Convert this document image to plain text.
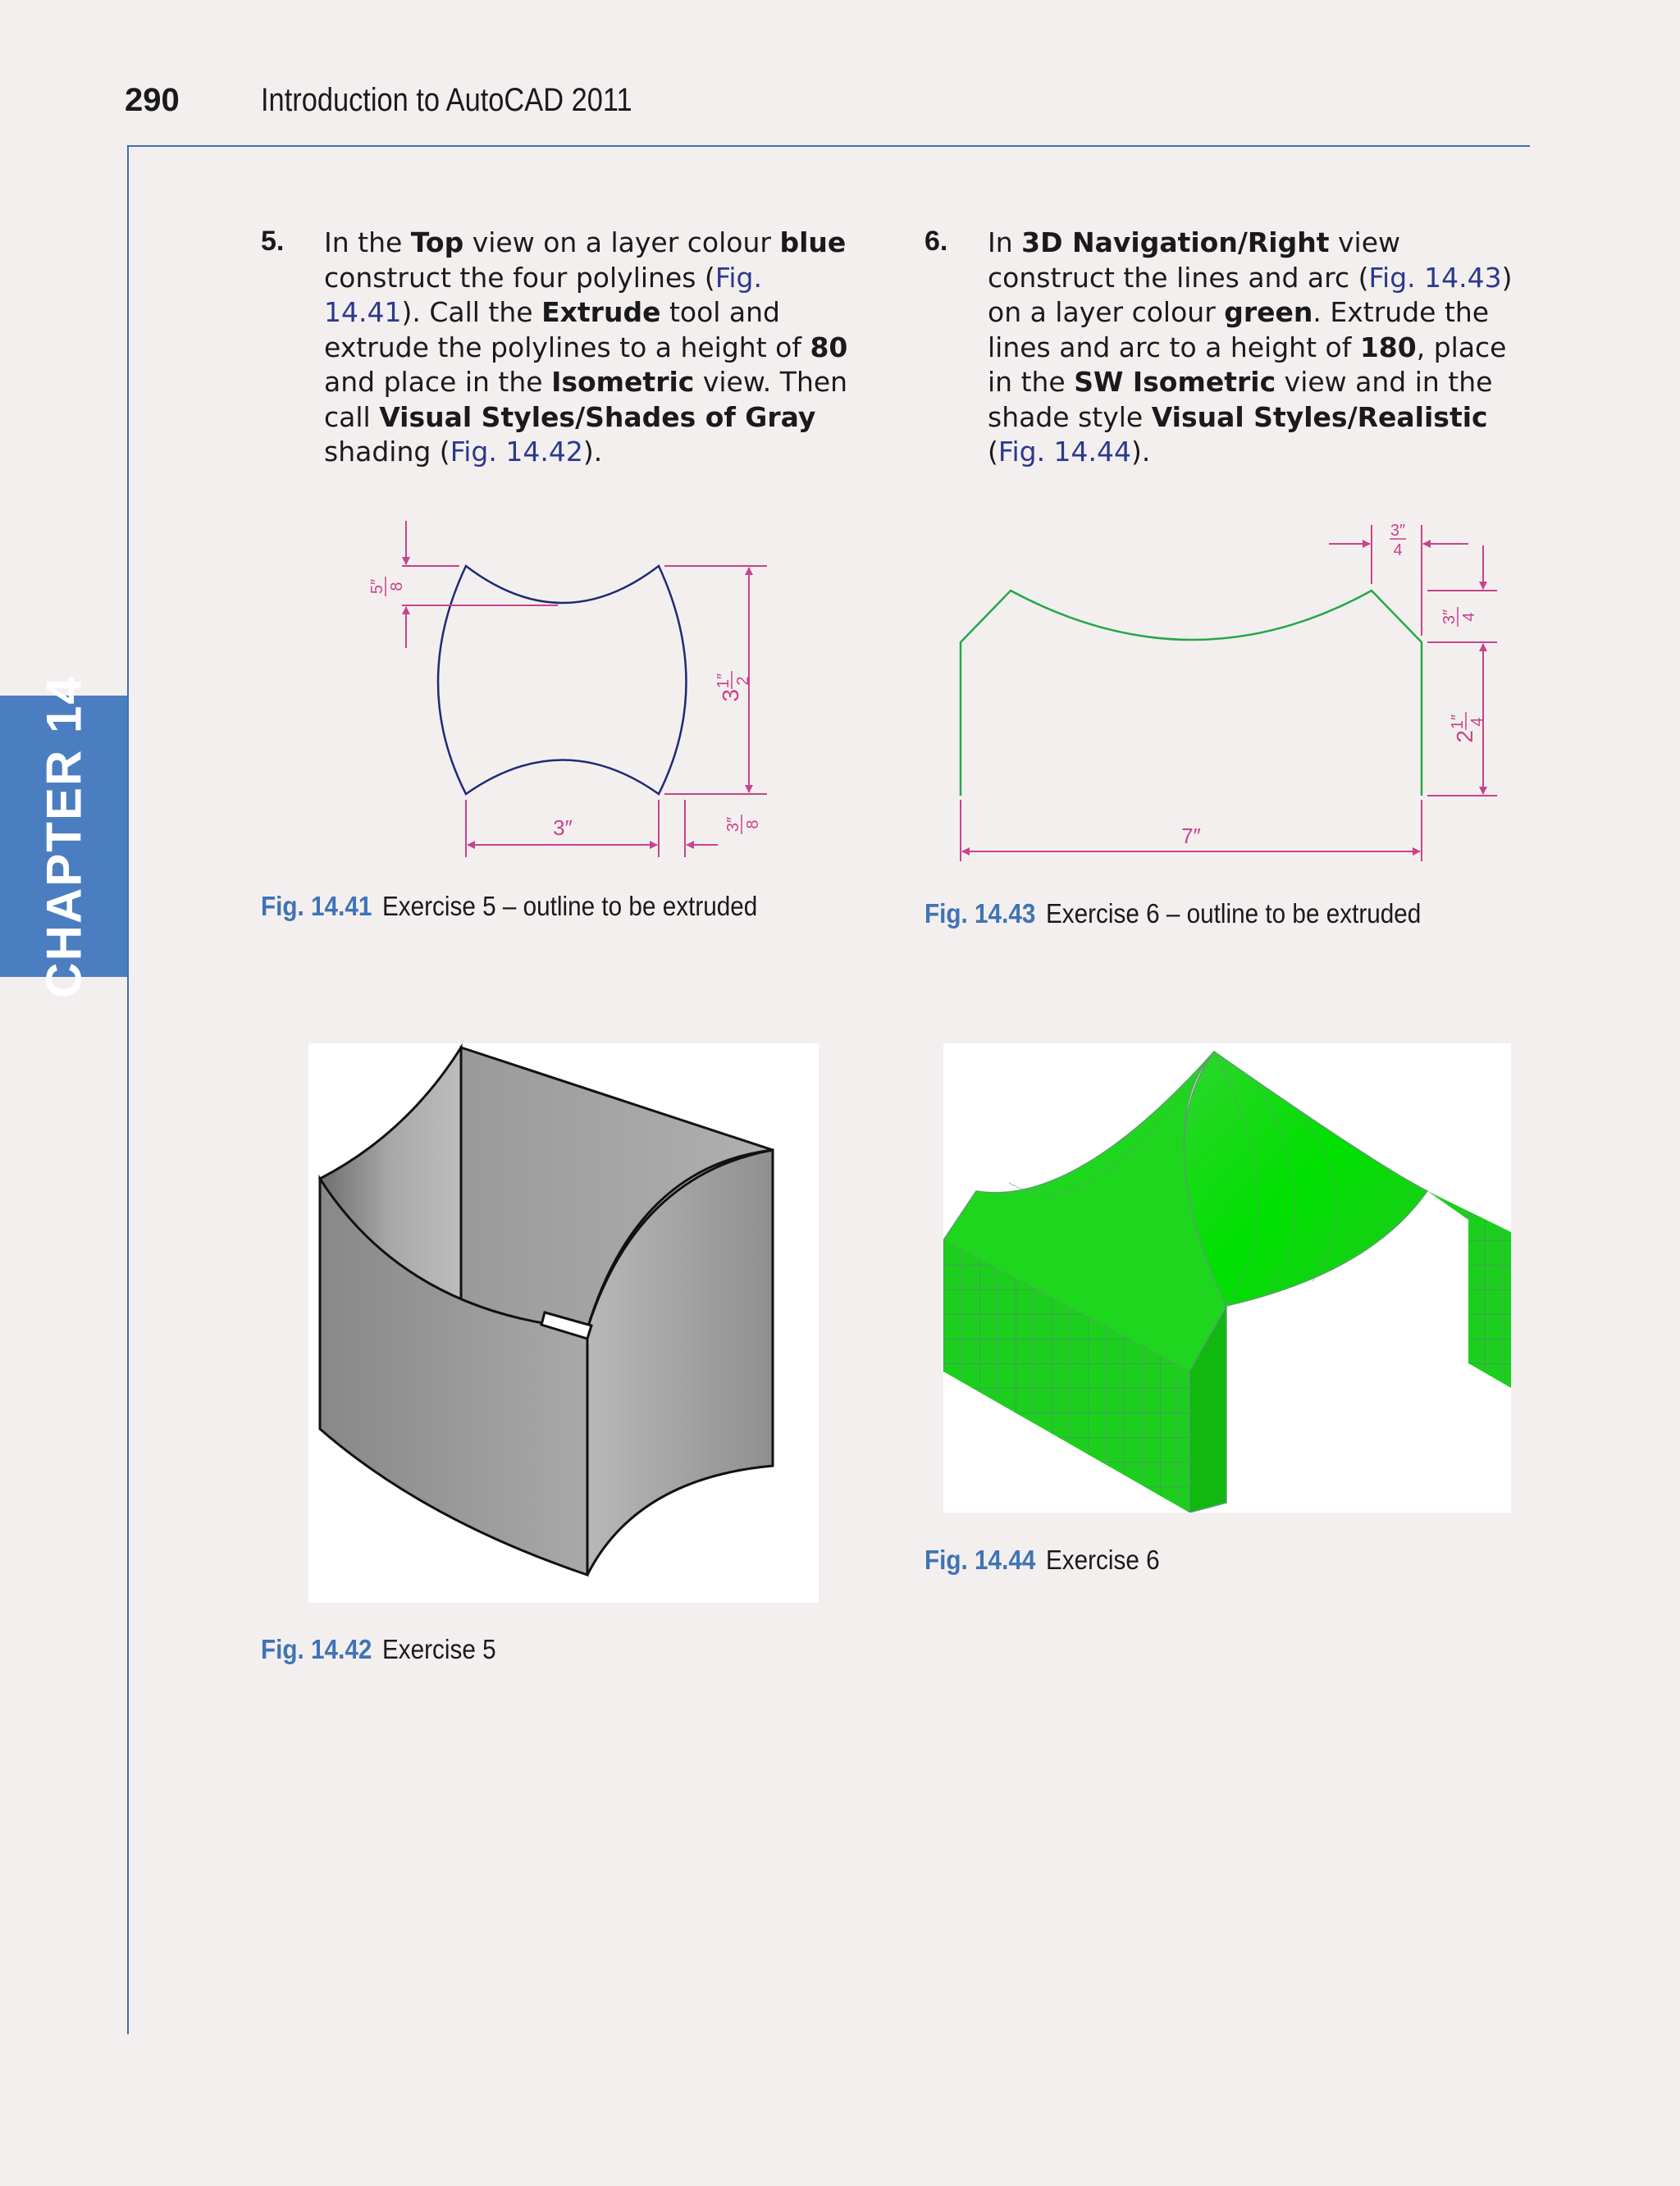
290 Introduction to AutoCAD 2011
CHAPTER 14
5. In the Top view on a layer colour blue construct the four polylines (Fig. 14.41). Call the Extrude tool and extrude the polylines to a height of 80 and place in the Isometric view. Then call Visual Styles/Shades of Gray shading (Fig. 14.42).
6. In 3D Navigation/Right view construct the lines and arc (Fig. 14.43) on a layer colour green. Extrude the lines and arc to a height of 180, place in the SW Isometric view and in the shade style Visual Styles/Realistic (Fig. 14.44).
3″
5″ 8
3
1″ 2
3″ 8
Fig. 14.41 Exercise 5 – outline to be extruded
7″
3″
4
3″ 4
2
1″ 4
Fig. 14.43 Exercise 6 – outline to be extruded
Fig. 14.42 Exercise 5
Fig. 14.44 Exercise 6
